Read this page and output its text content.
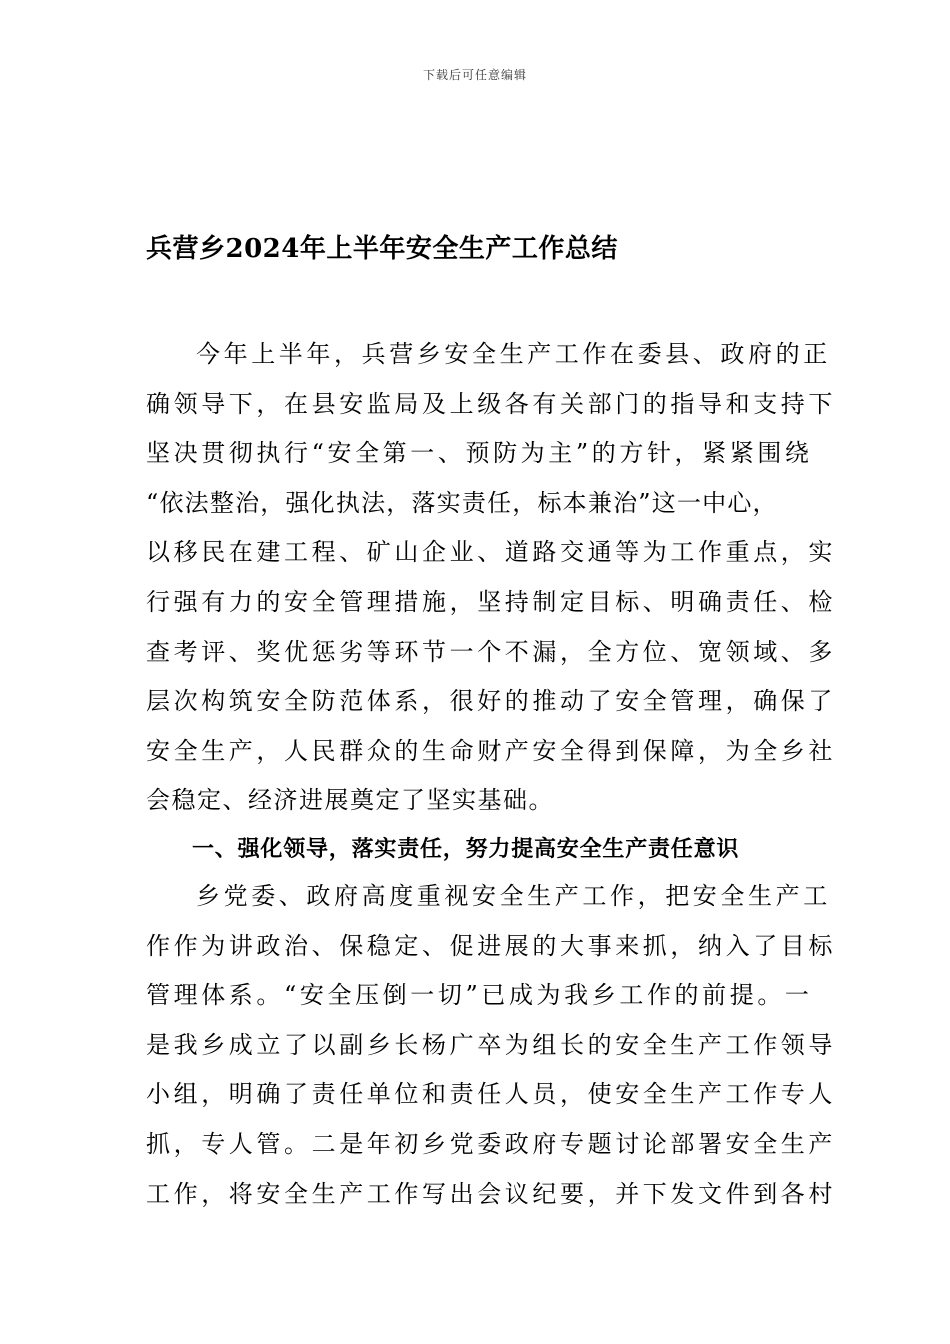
下载后可任意编辑
兵营乡2024年上半年安全生产工作总结
今年上半年，兵营乡安全生产工作在委县、政府的正
确领导下，在县安监局及上级各有关部门的指导和支持下
坚决贯彻执行“安全第一、预防为主”的方针，紧紧围绕
“依法整治，强化执法，落实责任，标本兼治”这一中心，
以移民在建工程、矿山企业、道路交通等为工作重点，实
行强有力的安全管理措施，坚持制定目标、明确责任、检
查考评、奖优惩劣等环节一个不漏，全方位、宽领域、多
层次构筑安全防范体系，很好的推动了安全管理，确保了
安全生产，人民群众的生命财产安全得到保障，为全乡社
会稳定、经济进展奠定了坚实基础。
一、强化领导，落实责任，努力提高安全生产责任意识
乡党委、政府高度重视安全生产工作，把安全生产工
作作为讲政治、保稳定、促进展的大事来抓，纳入了目标
管理体系。“安全压倒一切”已成为我乡工作的前提。一
是我乡成立了以副乡长杨广卒为组长的安全生产工作领导
小组，明确了责任单位和责任人员，使安全生产工作专人
抓，专人管。二是年初乡党委政府专题讨论部署安全生产
工作，将安全生产工作写出会议纪要，并下发文件到各村
